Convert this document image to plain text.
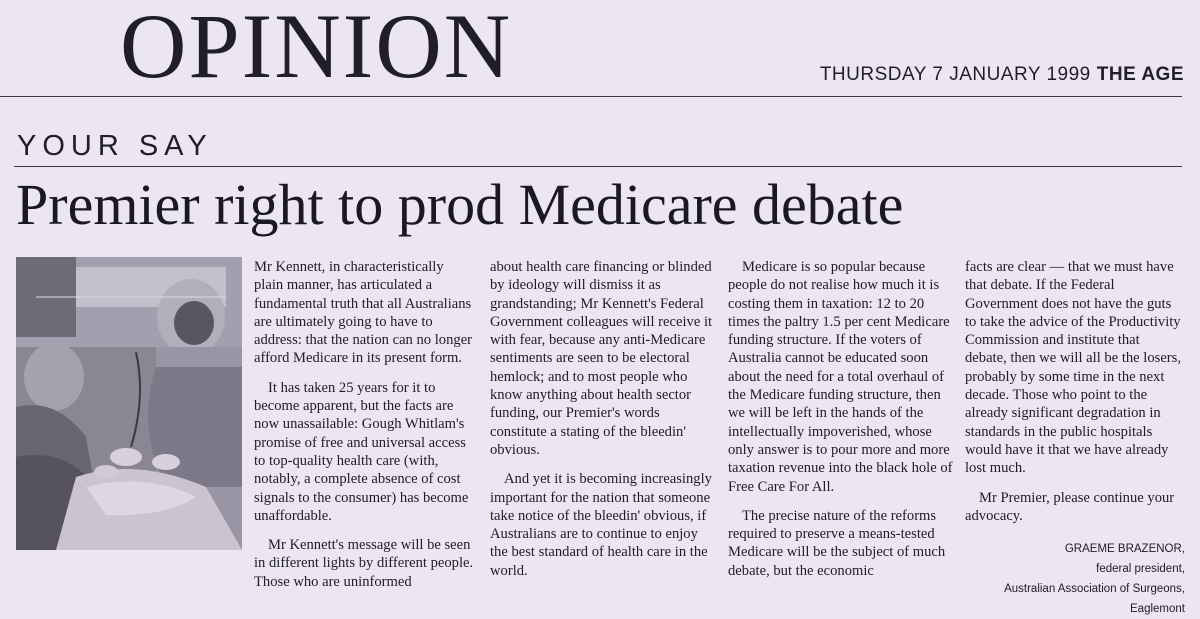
OPINION	THURSDAY 7 JANUARY 1999 THE AGE
YOUR SAY
Premier right to prod Medicare debate

Mr Kennett, in characteristically plain manner, has articulated a fundamental truth that all Australians are ultimately going to have to address: that the nation can no longer afford Medicare in its present form.

It has taken 25 years for it to become apparent, but the facts are now unassailable: Gough Whitlam's promise of free and universal access to top-quality health care (with, notably, a complete absence of cost signals to the consumer) has become unaffordable.

Mr Kennett's message will be seen in different lights by different people. Those who are uninformed

about health care financing or blinded by ideology will dismiss it as grandstanding; Mr Kennett's Federal Government colleagues will receive it with fear, because any anti-Medicare sentiments are seen to be electoral hemlock; and to most people who know anything about health sector funding, our Premier's words constitute a stating of the bleedin' obvious.

And yet it is becoming increasingly important for the nation that someone take notice of the bleedin' obvious, if Australians are to continue to enjoy the best standard of health care in the world.

Medicare is so popular because people do not realise how much it is costing them in taxation: 12 to 20 times the paltry 1.5 per cent Medicare funding structure. If the voters of Australia cannot be educated soon about the need for a total overhaul of the Medicare funding structure, then we will be left in the hands of the intellectually impoverished, whose only answer is to pour more and more taxation revenue into the black hole of Free Care For All.

The precise nature of the reforms required to preserve a means-tested Medicare will be the subject of much debate, but the economic

facts are clear — that we must have that debate. If the Federal Government does not have the guts to take the advice of the Productivity Commission and institute that debate, then we will all be the losers, probably by some time in the next decade. Those who point to the already significant degradation in standards in the public hospitals would have it that we have already lost much.

Mr Premier, please continue your advocacy.

GRAEME BRAZENOR,
federal president,
Australian Association of Surgeons,
Eaglemont
